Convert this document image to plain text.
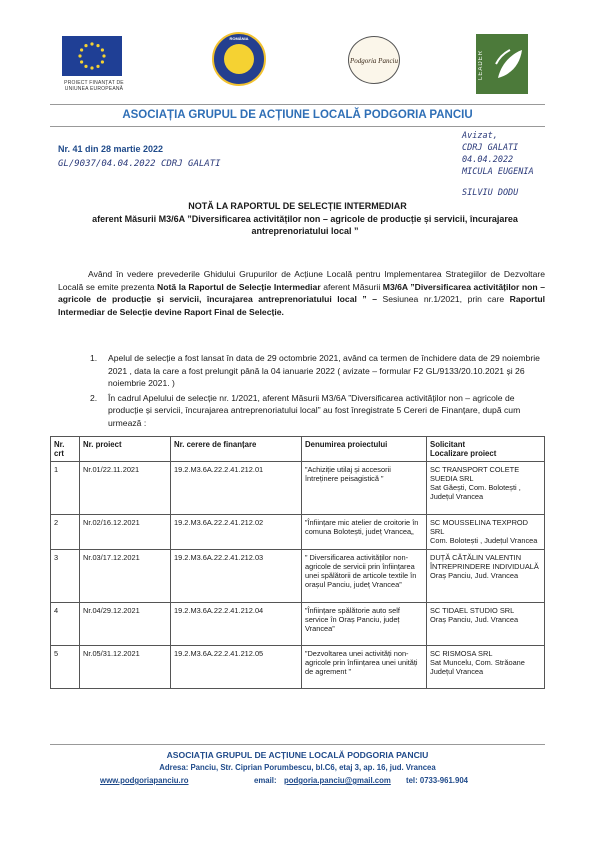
PROIECT FINANȚAT DE UNIUNEA EUROPEANĂ
ROMÂNIA
Podgoria Panciu	LEADER
ASOCIAȚIA GRUPUL DE ACȚIUNE LOCALĂ PODGORIA PANCIU
Nr. 41 din 28 martie 2022
GL/9037/04.04.2022 CDRJ GALATI
Avizat,
CDRJ GALATI
04.04.2022
MICULA EUGENIA
SILVIU DODU
NOTĂ LA RAPORTUL DE SELECȚIE INTERMEDIAR
aferent Măsurii M3/6A ”Diversificarea activităților non – agricole de producție și servicii, încurajarea antreprenoriatului local ”
Având în vedere prevederile Ghidului Grupurilor de Acțiune Locală pentru Implementarea Strategiilor de Dezvoltare Locală se emite prezenta Notă la Raportul de Selecție Intermediar aferent Măsurii M3/6A ”Diversificarea activităților non – agricole de producție și servicii, încurajarea antreprenoriatului local ” – Sesiunea nr.1/2021, prin care Raportul Intermediar de Selecție devine Raport Final de Selecție.
1. Apelul de selecție a fost lansat în data de 29 octombrie 2021, având ca termen de închidere data de 29 noiembrie 2021 , data la care a fost prelungit până la 04 ianuarie 2022 ( avizate – formular F2 GL/9133/20.10.2021 și 26 noiembrie 2021. )
2. În cadrul Apelului de selecție nr. 1/2021, aferent Măsurii M3/6A ”Diversificarea activităților non – agricole de producție și servicii, încurajarea antreprenoriatului local” au fost înregistrate 5 Cereri de Finanțare, după cum urmează :
Nr. crt	Nr. proiect	Nr. cerere de finanțare	Denumirea proiectului	Solicitant
Localizare proiect

1	Nr.01/22.11.2021	19.2.M3.6A.22.2.41.212.01	”Achiziție utilaj și accesorii întreținere peisagistică ”	SC TRANSPORT COLETE SUEDIA SRL
Sat Găești, Com. Bolotești , Județul Vrancea

2	Nr.02/16.12.2021	19.2.M3.6A.22.2.41.212.02	”Înființare mic atelier de croitorie în comuna Bolotești, județ Vrancea„	SC MOUSSELINA TEXPROD SRL
Com. Bolotești , Județul Vrancea

3	Nr.03/17.12.2021	19.2.M3.6A.22.2.41.212.03	” Diversificarea activităților non-agricole de servicii prin înființarea unei spălătorii de articole textile în orașul Panciu, județ Vrancea”	DUȚĂ CĂTĂLIN VALENTIN ÎNTREPRINDERE INDIVIDUALĂ
Oraș Panciu, Jud. Vrancea

4	Nr.04/29.12.2021	19.2.M3.6A.22.2.41.212.04	”Înființare spălătorie auto self service în Oraș Panciu, județ Vrancea”	SC TIDAEL STUDIO SRL
Oraș Panciu, Jud. Vrancea

5	Nr.05/31.12.2021	19.2.M3.6A.22.2.41.212.05	”Dezvoltarea unei activități non-agricole prin înființarea unei unități de agrement ”	SC RISMOSA SRL
Sat Muncelu, Com. Străoane Județul Vrancea
ASOCIAȚIA GRUPUL DE ACȚIUNE LOCALĂ PODGORIA PANCIU
Adresa: Panciu, Str. Ciprian Porumbescu, bl.C6, etaj 3, ap. 16, jud. Vrancea
www.podgoriapanciu.ro	email: podgoria.panciu@gmail.com tel: 0733-961.904
